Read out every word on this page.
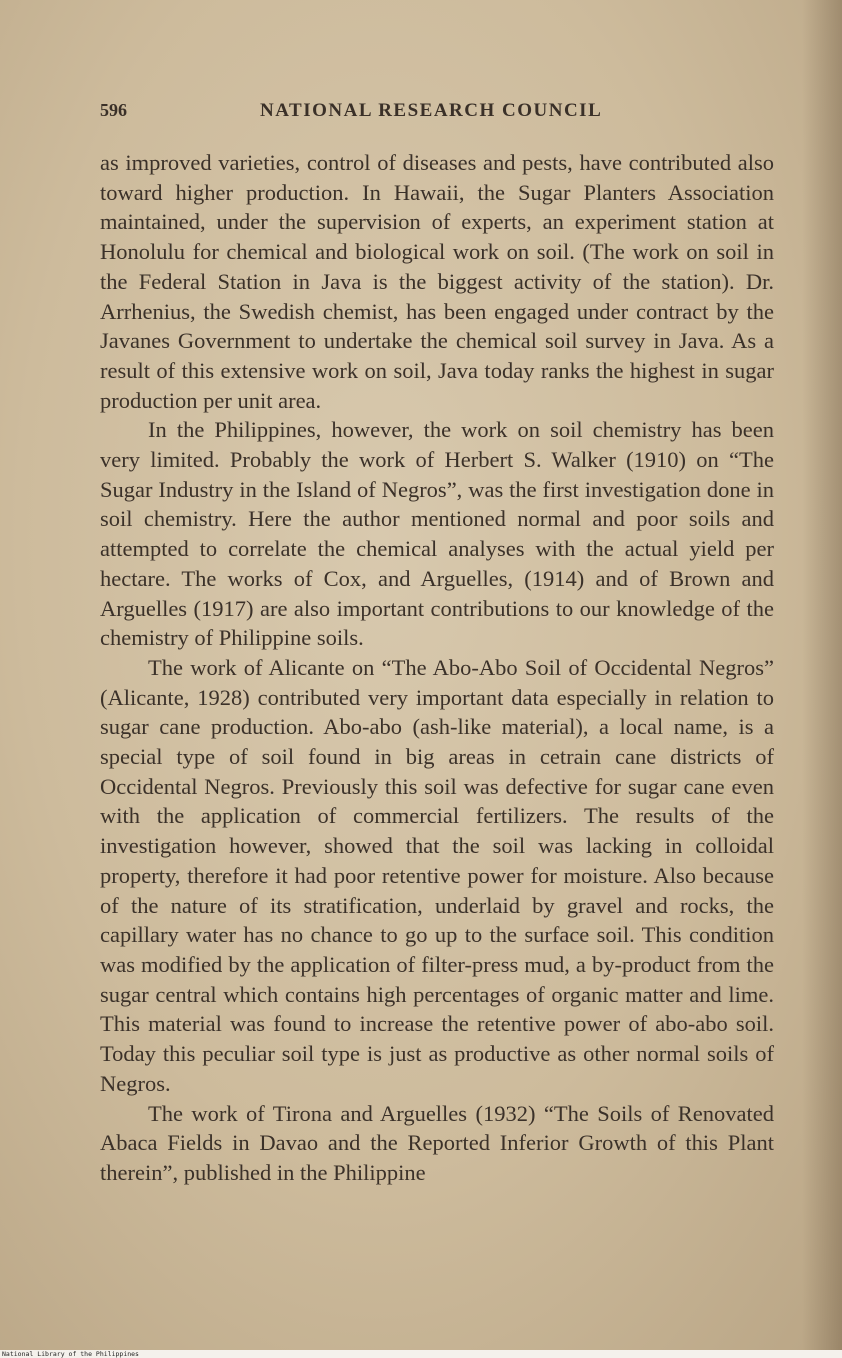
596	NATIONAL RESEARCH COUNCIL

as improved varieties, control of diseases and pests, have contributed also toward higher production. In Hawaii, the Sugar Planters Association maintained, under the supervision of experts, an experiment station at Honolulu for chemical and biological work on soil. (The work on soil in the Federal Station in Java is the biggest activity of the station). Dr. Arrhenius, the Swedish chemist, has been engaged under contract by the Javanes Government to undertake the chemical soil survey in Java. As a result of this extensive work on soil, Java today ranks the highest in sugar production per unit area.

In the Philippines, however, the work on soil chemistry has been very limited. Probably the work of Herbert S. Walker (1910) on “The Sugar Industry in the Island of Negros”, was the first investigation done in soil chemistry. Here the author mentioned normal and poor soils and attempted to correlate the chemical analyses with the actual yield per hectare. The works of Cox, and Arguelles, (1914) and of Brown and Arguelles (1917) are also important contributions to our knowledge of the chemistry of Philippine soils.

The work of Alicante on “The Abo-Abo Soil of Occidental Negros” (Alicante, 1928) contributed very important data especially in relation to sugar cane production. Abo-abo (ash-like material), a local name, is a special type of soil found in big areas in cetrain cane districts of Occidental Negros. Previously this soil was defective for sugar cane even with the application of commercial fertilizers. The results of the investigation however, showed that the soil was lacking in colloidal property, therefore it had poor retentive power for moisture. Also because of the nature of its stratification, underlaid by gravel and rocks, the capillary water has no chance to go up to the surface soil. This condition was modified by the application of filter-press mud, a by-product from the sugar central which contains high percentages of organic matter and lime. This material was found to increase the retentive power of abo-abo soil. Today this peculiar soil type is just as productive as other normal soils of Negros.

The work of Tirona and Arguelles (1932) “The Soils of Renovated Abaca Fields in Davao and the Reported Inferior Growth of this Plant therein”, published in the Philippine

National Library of the Philippines
